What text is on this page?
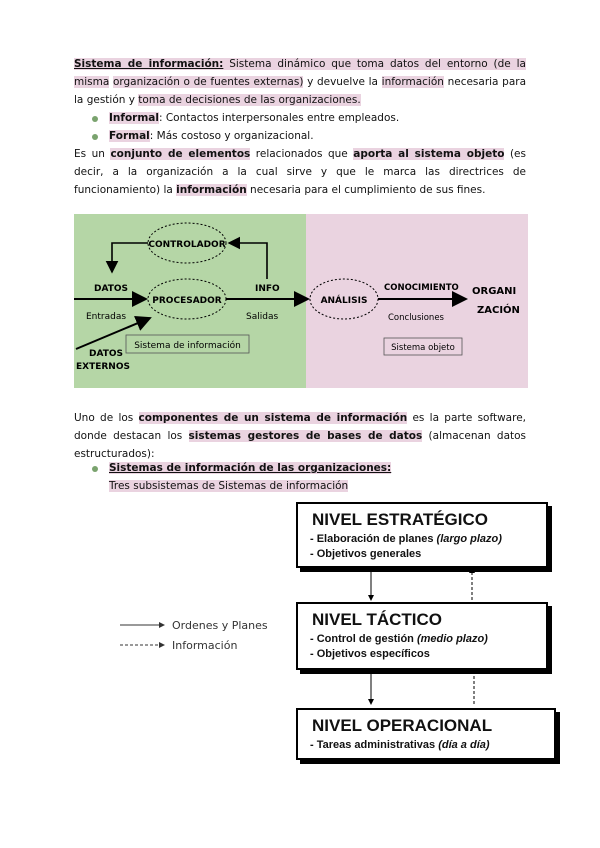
Sistema de información: Sistema dinámico que toma datos del entorno (de la misma organización o de fuentes externas) y devuelve la información necesaria para la gestión y toma de decisiones de las organizaciones.
Informal: Contactos interpersonales entre empleados.
Formal: Más costoso y organizacional.
Es un conjunto de elementos relacionados que aporta al sistema objeto (es decir, a la organización a la cual sirve y que le marca las directrices de funcionamiento) la información necesaria para el cumplimiento de sus fines.
CONTROLADOR
PROCESADOR	ANÁLISIS
DATOS
Entradas
INFO
Salidas
DATOS
EXTERNOS
Sistema de información
CONOCIMIENTO
Conclusiones
ORGANI
ZACIÓN
Sistema objeto
Uno de los componentes de un sistema de información es la parte software, donde destacan los sistemas gestores de bases de datos (almacenan datos estructurados):
Sistemas de información de las organizaciones:
Tres subsistemas de Sistemas de información
Ordenes y Planes
Información
NIVEL ESTRATÉGICO
- Elaboración de planes (largo plazo)
- Objetivos generales
NIVEL TÁCTICO
- Control de gestión (medio plazo)
- Objetivos específicos
NIVEL OPERACIONAL
- Tareas administrativas (día a día)
